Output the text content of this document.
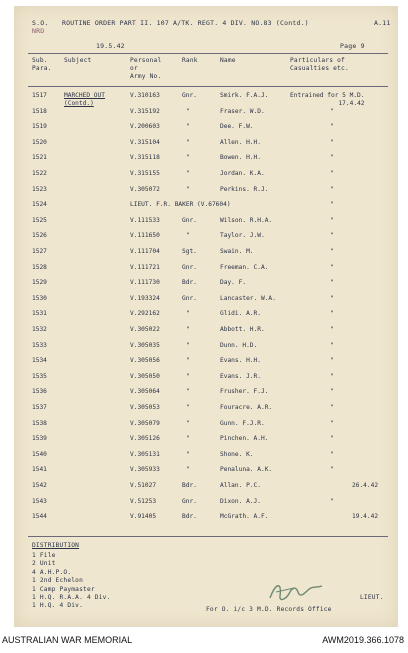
S.O.
NRD
ROUTINE ORDER PART II. 107 A/TK. REGT. 4 DIV. NO.83 (Contd.)	A.11
19.5.42	Page 9
Sub.
Para.
Subject	Personal
or
Army No.
Rank	Name	Particulars of
Casualties etc.
1517	MARCHED OUT
(Contd.)
V.310163	Gnr.	Smirk. F.A.J.	Entrained for 5 M.D.
17.4.42
1518	V.315192	"	Fraser. W.D.	"
1519	V.200603	"	Dee. F.W.	"
1520	V.315104	"	Allen. H.H.	"
1521	V.315118	"	Bowen. H.H.	"
1522	V.315155	"	Jordan. K.A.	"
1523	V.305072	"	Perkins. R.J.	"
1524	LIEUT. F.R. BAKER (V.67604)	"
1525	V.111533	Gnr.	Wilson. R.H.A.	"
1526	V.111650	"	Taylor. J.W.	"
1527	V.111704	Sgt.	Swain. M.	"
1528	V.111721	Gnr.	Freeman. C.A.	"
1529	V.111730	Bdr.	Day. F.	"
1530	V.193324	Gnr.	Lancaster. W.A.	"
1531	V.292162	"	Glidi. A.R.	"
1532	V.305022	"	Abbott. H.R.	"
1533	V.305035	"	Dunn. H.D.	"
1534	V.305056	"	Evans. H.H.	"
1535	V.305050	"	Evans. J.R.	"
1536	V.305064	"	Frusher. F.J.	"
1537	V.305053	"	Fouracre. A.R.	"
1538	V.305079	"	Gunn. F.J.R.	"
1539	V.305126	"	Pinchen. A.H.	"
1540	V.305131	"	Shone. K.	"
1541	V.305933	"	Penaluna. A.K.	"
1542	V.51027	Bdr.	Allan. P.C.	26.4.42
1543	V.51253	Gnr.	Dixon. A.J.	"
1544	V.91405	Bdr.	McGrath. A.F.	19.4.42
DISTRIBUTION
1 File
2 Unit
4 A.H.P.O.
1 2nd Echelon
1 Camp Paymaster
1 H.Q. R.A.A. 4 Div.
1 H.Q. 4 Div.
LIEUT.
For O. i/c 3 M.D. Records Office
AUSTRALIAN WAR MEMORIAL	AWM2019.366.1078
